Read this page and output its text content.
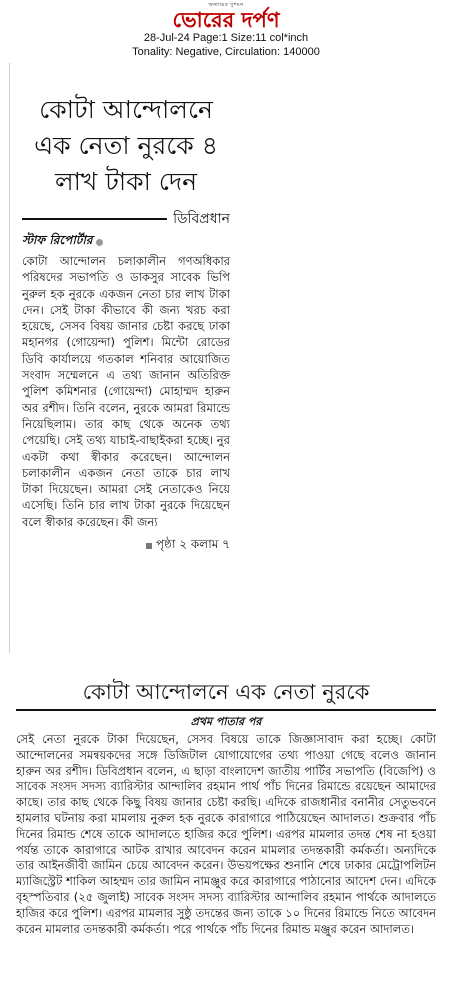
অন্যায়ের দুশমন
ভোরের দর্পণ
28-Jul-24 Page:1 Size:11 col*inch
Tonality: Negative, Circulation: 140000
কোটা আন্দোলনে এক নেতা নুরকে ৪ লাখ টাকা দেন
ডিবিপ্রধান
স্টাফ রিপোর্টার

কোটা আন্দোলন চলাকালীন গণঅধিকার পরিষদের সভাপতি ও ডাকসুর সাবেক ভিপি নুরুল হক নুরকে একজন নেতা চার লাখ টাকা দেন। সেই টাকা কীভাবে কী জন্য খরচ করা হয়েছে, সেসব বিষয় জানার চেষ্টা করছে ঢাকা মহানগর (গোয়েন্দা) পুলিশ। মিন্টো রোডের ডিবি কার্যালয়ে গতকাল শনিবার আয়োজিত সংবাদ সম্মেলনে এ তথ্য জানান অতিরিক্ত পুলিশ কমিশনার (গোয়েন্দা) মোহাম্মদ হারুন অর রশীদ। তিনি বলেন, নুরকে আমরা রিমান্ডে নিয়েছিলাম। তার কাছ থেকে অনেক তথ্য পেয়েছি। সেই তথ্য যাচাই-বাছাইকরা হচ্ছে। নুর একটা কথা স্বীকার করেছেন। আন্দোলন চলাকালীন একজন নেতা তাকে চার লাখ টাকা দিয়েছেন। আমরা সেই নেতাকেও নিয়ে এসেছি। তিনি চার লাখ টাকা নুরকে দিয়েছেন বলে স্বীকার করেছেন। কী জন্য

পৃষ্ঠা ২ কলাম ৭
কোটা আন্দোলনে এক নেতা নুরকে
প্রথম পাতার পর

সেই নেতা নুরকে টাকা দিয়েছেন, সেসব বিষয়ে তাকে জিজ্ঞাসাবাদ করা হচ্ছে। কোটা আন্দোলনের সমন্বয়কদের সঙ্গে ডিজিটাল যোগাযোগের তথ্য পাওয়া গেছে বলেও জানান হারুন অর রশীদ। ডিবিপ্রধান বলেন, এ ছাড়া বাংলাদেশ জাতীয় পার্টির সভাপতি (বিজেপি) ও সাবেক সংসদ সদস্য ব্যারিস্টার আন্দালিব রহমান পার্থ পাঁচ দিনের রিমান্ডে রয়েছেন আমাদের কাছে। তার কাছ থেকে কিছু বিষয় জানার চেষ্টা করছি। এদিকে রাজধানীর বনানীর সেতুভবনে হামলার ঘটনায় করা মামলায় নুরুল হক নুরকে কারাগারে পাঠিয়েছেন আদালত। শুক্রবার পাঁচ দিনের রিমান্ড শেষে তাকে আদালতে হাজির করে পুলিশ। এরপর মামলার তদন্ত শেষ না হওয়া পর্যন্ত তাকে কারাগারে আটক রাখার আবেদন করেন মামলার তদন্তকারী কর্মকর্তা। অন্যদিকে তার আইনজীবী জামিন চেয়ে আবেদন করেন। উভয়পক্ষের শুনানি শেষে ঢাকার মেট্রোপলিটন ম্যাজিস্ট্রেট শাকিল আহম্মদ তার জামিন নামঞ্জুর করে কারাগারে পাঠানোর আদেশ দেন। এদিকে বৃহস্পতিবার (২৫ জুলাই) সাবেক সংসদ সদস্য ব্যারিস্টার আন্দালিব রহমান পার্থকে আদালতে হাজির করে পুলিশ। এরপর মামলার সুষ্ঠু তদন্তের জন্য তাকে ১০ দিনের রিমান্ডে নিতে আবেদন করেন মামলার তদন্তকারী কর্মকর্তা। পরে পার্থকে পাঁচ দিনের রিমান্ড মঞ্জুর করেন আদালত।
